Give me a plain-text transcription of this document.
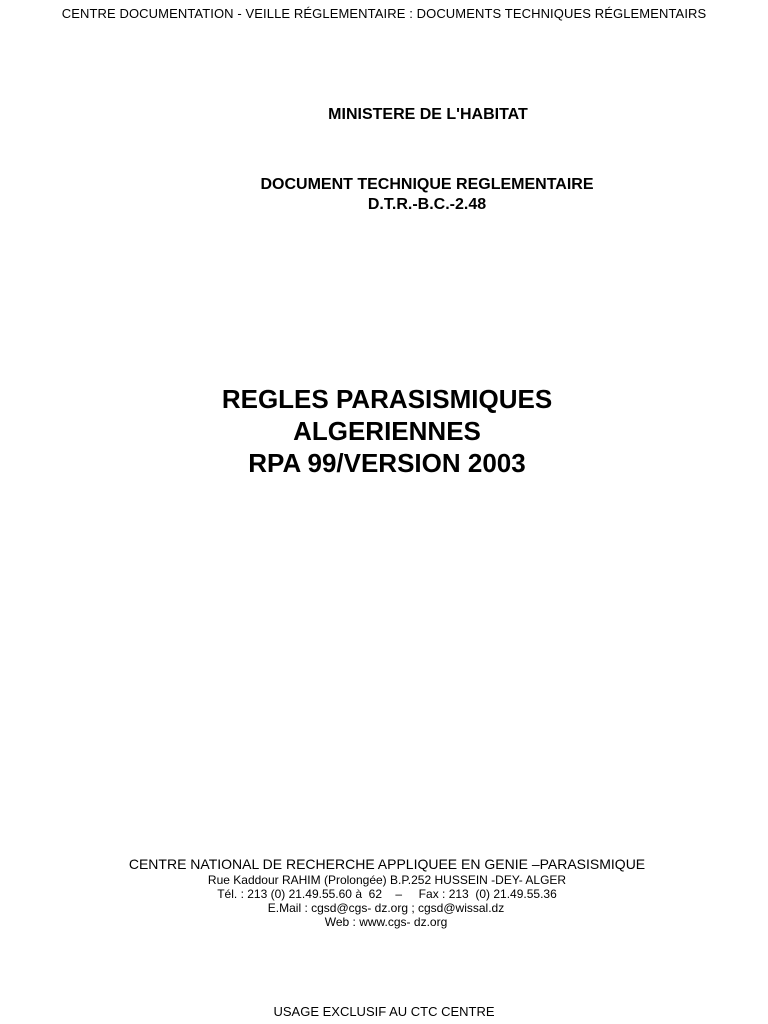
CENTRE DOCUMENTATION - VEILLE RÉGLEMENTAIRE : DOCUMENTS TECHNIQUES RÉGLEMENTAIRS
MINISTERE DE L'HABITAT
DOCUMENT TECHNIQUE REGLEMENTAIRE
D.T.R.-B.C.-2.48
REGLES PARASISMIQUES
ALGERIENNES
RPA 99/VERSION 2003
CENTRE NATIONAL DE RECHERCHE APPLIQUEE EN GENIE –PARASISMIQUE
Rue Kaddour RAHIM (Prolongée) B.P.252 HUSSEIN -DEY- ALGER
Tél. : 213 (0) 21.49.55.60 à  62    –     Fax : 213  (0) 21.49.55.36
E.Mail : cgsd@cgs- dz.org ; cgsd@wissal.dz
Web : www.cgs- dz.org
USAGE EXCLUSIF AU CTC CENTRE
